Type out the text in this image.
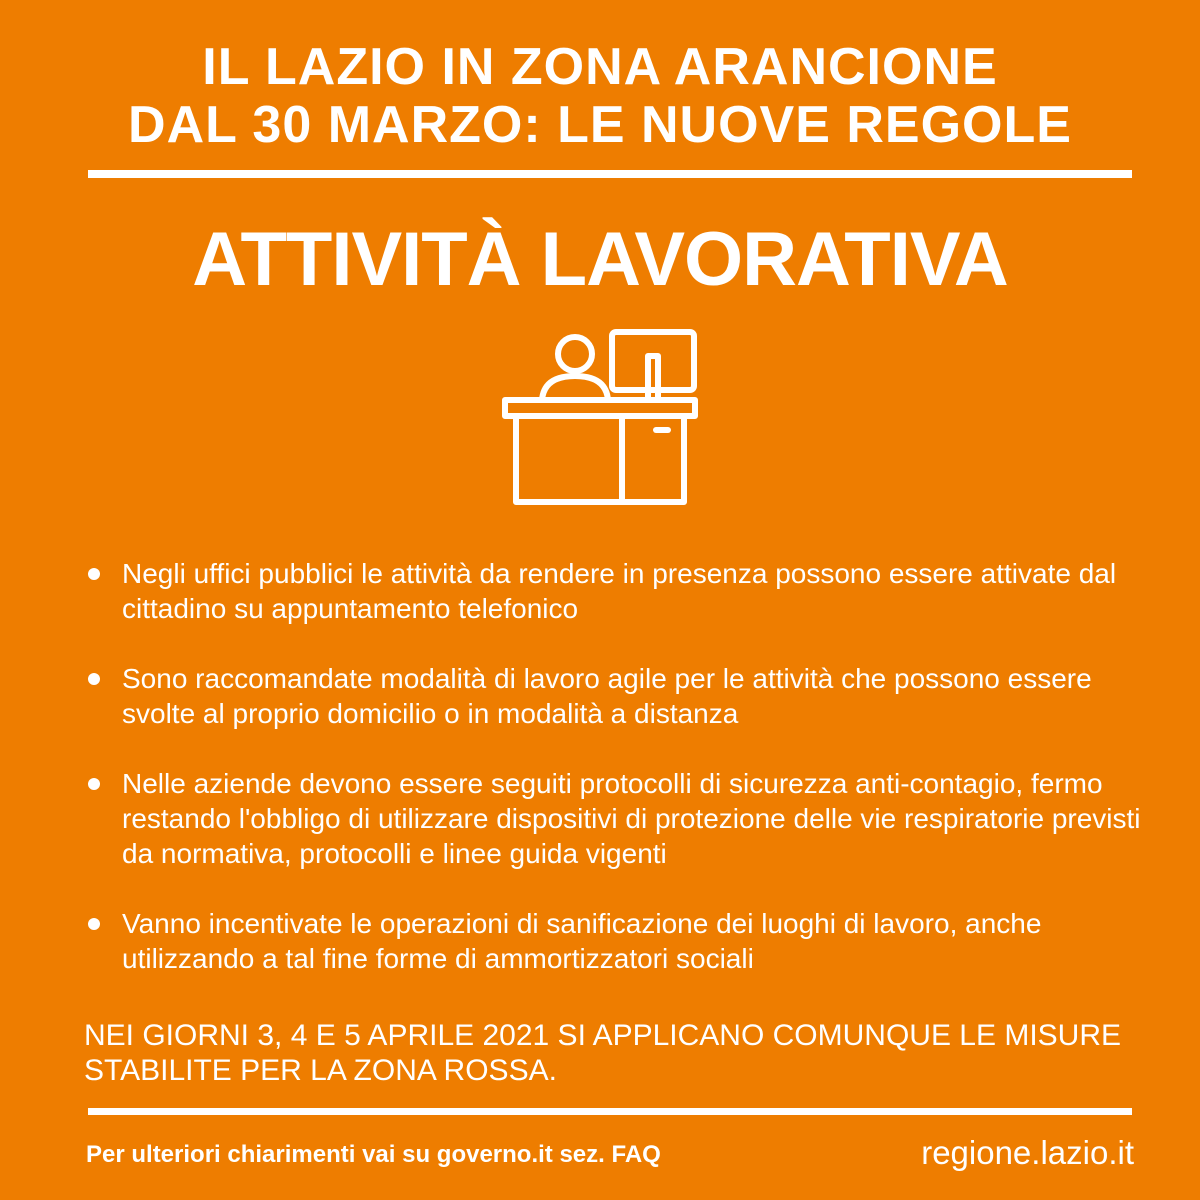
IL LAZIO IN ZONA ARANCIONE
DAL 30 MARZO: LE NUOVE REGOLE
ATTIVITÀ LAVORATIVA
Negli uffici pubblici le attività da rendere in presenza possono essere attivate dal cittadino su appuntamento telefonico
Sono raccomandate modalità di lavoro agile per le attività che possono essere svolte al proprio domicilio o in modalità a distanza
Nelle aziende devono essere seguiti protocolli di sicurezza anti-contagio, fermo restando l'obbligo di utilizzare dispositivi di protezione delle vie respiratorie previsti da normativa, protocolli e linee guida vigenti
Vanno incentivate le operazioni di sanificazione dei luoghi di lavoro, anche utilizzando a tal fine forme di ammortizzatori sociali
NEI GIORNI 3, 4 E 5 APRILE 2021 SI APPLICANO COMUNQUE LE MISURE STABILITE PER LA ZONA ROSSA.
Per ulteriori chiarimenti vai su governo.it sez. FAQ	regione.lazio.it
